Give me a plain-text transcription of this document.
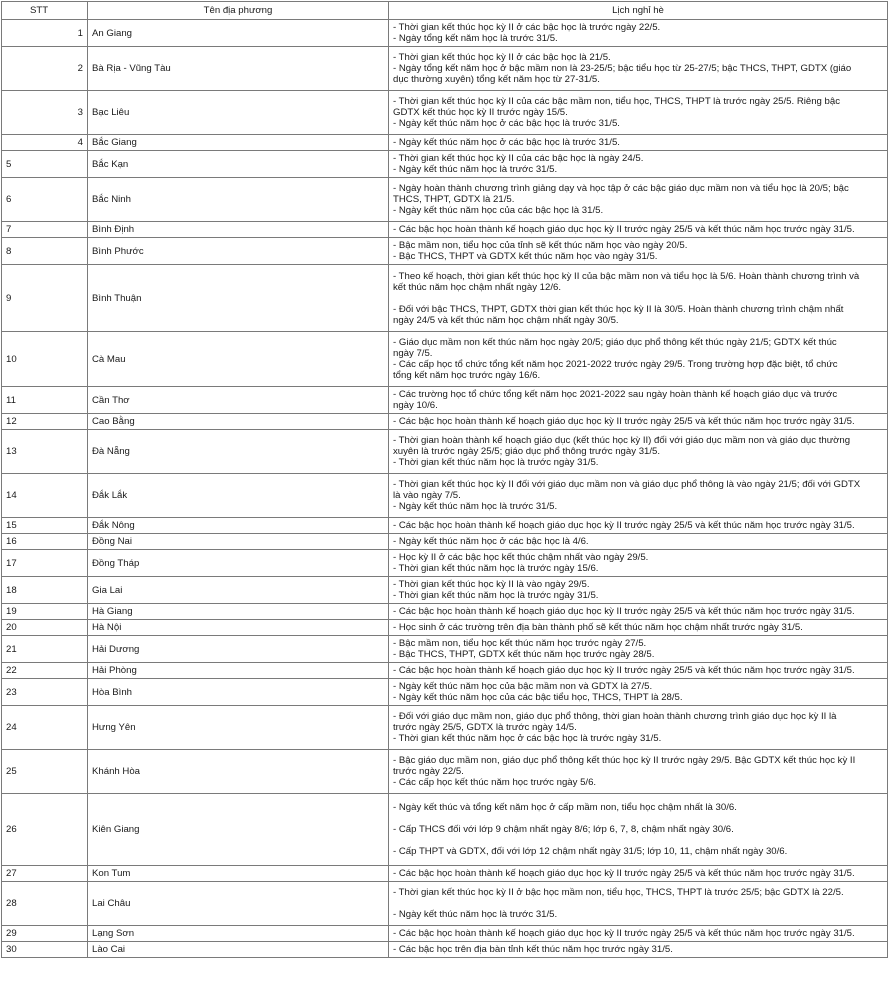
STT	Tên địa phương	Lịch nghỉ hè
1	An Giang	- Thời gian kết thúc học kỳ II ở các bậc học là trước ngày 22/5.
- Ngày tổng kết năm học là trước 31/5.

2	Bà Rịa - Vũng Tàu	- Thời gian kết thúc học kỳ II ở các bậc học là 21/5.
- Ngày tổng kết năm học ở bậc mầm non là 23-25/5; bậc tiểu học từ 25-27/5; bậc THCS, THPT, GDTX (giáo
dục thường xuyên) tổng kết năm học từ 27-31/5.

3	Bạc Liêu	- Thời gian kết thúc học kỳ II của các bậc mầm non, tiểu học, THCS, THPT là trước ngày 25/5. Riêng bậc
GDTX kết thúc học kỳ II trước ngày 15/5.
- Ngày kết thúc năm học ở các bậc học là trước 31/5.

4	Bắc Giang	- Ngày kết thúc năm học ở các bậc học là trước 31/5.

5	Bắc Kạn	- Thời gian kết thúc học kỳ II của các bậc học là ngày 24/5.
- Ngày kết thúc năm học là trước 31/5.

6	Bắc Ninh	- Ngày hoàn thành chương trình giảng dạy và học tập ở các bậc giáo dục mầm non và tiểu học là 20/5; bậc
THCS, THPT, GDTX là 21/5.
- Ngày kết thúc năm học của các bậc học là 31/5.

7	Bình Định	- Các bậc học hoàn thành kế hoạch giáo dục học kỳ II trước ngày 25/5 và kết thúc năm học trước ngày 31/5.

8	Bình Phước	- Bậc mầm non, tiểu học của tỉnh sẽ kết thúc năm học vào ngày 20/5.
- Bậc THCS, THPT và GDTX kết thúc năm học vào ngày 31/5.

9	Bình Thuận	- Theo kế hoạch, thời gian kết thúc học kỳ II của bậc mầm non và tiểu học là 5/6. Hoàn thành chương trình và
kết thúc năm học chậm nhất ngày 12/6.
- Đối với bậc THCS, THPT, GDTX thời gian kết thúc học kỳ II là 30/5. Hoàn thành chương trình chậm nhất
ngày 24/5 và kết thúc năm học chậm nhất ngày 30/5.

10	Cà Mau	- Giáo dục mầm non kết thúc năm học ngày 20/5; giáo dục phổ thông kết thúc ngày 21/5; GDTX kết thúc
ngày 7/5.
- Các cấp học tổ chức tổng kết năm học 2021-2022 trước ngày 29/5. Trong trường hợp đặc biệt, tổ chức
tổng kết năm học trước ngày 16/6.

11	Cần Thơ	- Các trường học tổ chức tổng kết năm học 2021-2022 sau ngày hoàn thành kế hoạch giáo dục và trước
ngày 10/6.

12	Cao Bằng	- Các bậc học hoàn thành kế hoạch giáo dục học kỳ II trước ngày 25/5 và kết thúc năm học trước ngày 31/5.

13	Đà Nẵng	- Thời gian hoàn thành kế hoạch giáo dục (kết thúc học kỳ II) đối với giáo dục mầm non và giáo dục thường
xuyên là trước ngày 25/5; giáo dục phổ thông trước ngày 31/5.
- Thời gian kết thúc năm học là trước ngày 31/5.

14	Đắk Lắk	- Thời gian kết thúc học kỳ II đối với giáo dục mầm non và giáo dục phổ thông là vào ngày 21/5; đối với GDTX
là vào ngày 7/5.
- Ngày kết thúc năm học là trước 31/5.

15	Đắk Nông	- Các bậc học hoàn thành kế hoạch giáo dục học kỳ II trước ngày 25/5 và kết thúc năm học trước ngày 31/5.

16	Đồng Nai	- Ngày kết thúc năm học ở các bậc học là 4/6.

17	Đồng Tháp	- Học kỳ II ở các bậc học kết thúc chậm nhất vào ngày 29/5.
- Thời gian kết thúc năm học là trước ngày 15/6.

18	Gia Lai	- Thời gian kết thúc học kỳ II là vào ngày 29/5.
- Thời gian kết thúc năm học là trước ngày 31/5.

19	Hà Giang	- Các bậc học hoàn thành kế hoạch giáo dục học kỳ II trước ngày 25/5 và kết thúc năm học trước ngày 31/5.

20	Hà Nội	- Học sinh ở các trường trên địa bàn thành phố sẽ kết thúc năm học chậm nhất trước ngày 31/5.

21	Hải Dương	- Bậc mầm non, tiểu học kết thúc năm học trước ngày 27/5.
- Bậc THCS, THPT, GDTX kết thúc năm học trước ngày 28/5.

22	Hải Phòng	- Các bậc học hoàn thành kế hoạch giáo dục học kỳ II trước ngày 25/5 và kết thúc năm học trước ngày 31/5.

23	Hòa Bình	- Ngày kết thúc năm học của bậc mầm non và GDTX là 27/5.
- Ngày kết thúc năm học của các bậc tiểu học, THCS, THPT là 28/5.

24	Hưng Yên	- Đối với giáo dục mầm non, giáo dục phổ thông, thời gian hoàn thành chương trình giáo dục học kỳ II là
trước ngày 25/5, GDTX là trước ngày 14/5.
- Thời gian kết thúc năm học ở các bậc học là trước ngày 31/5.

25	Khánh Hòa	- Bậc giáo dục mầm non, giáo dục phổ thông kết thúc học kỳ II trước ngày 29/5. Bậc GDTX kết thúc học kỳ II
trước ngày 22/5.
- Các cấp học kết thúc năm học trước ngày 5/6.

26	Kiên Giang	- Ngày kết thúc và tổng kết năm học ở cấp mầm non, tiểu học chậm nhất là 30/6.
- Cấp THCS đối với lớp 9 chậm nhất ngày 8/6; lớp 6, 7, 8, chậm nhất ngày 30/6.
- Cấp THPT và GDTX, đối với lớp 12 chậm nhất ngày 31/5; lớp 10, 11, chậm nhất ngày 30/6.

27	Kon Tum	- Các bậc học hoàn thành kế hoạch giáo dục học kỳ II trước ngày 25/5 và kết thúc năm học trước ngày 31/5.

28	Lai Châu	- Thời gian kết thúc học kỳ II ở bậc học mầm non, tiểu học, THCS, THPT là trước 25/5; bậc GDTX là 22/5.
- Ngày kết thúc năm học là trước 31/5.

29	Lạng Sơn	- Các bậc học hoàn thành kế hoạch giáo dục học kỳ II trước ngày 25/5 và kết thúc năm học trước ngày 31/5.

30	Lào Cai	- Các bậc học trên địa bàn tỉnh kết thúc năm học trước ngày 31/5.
